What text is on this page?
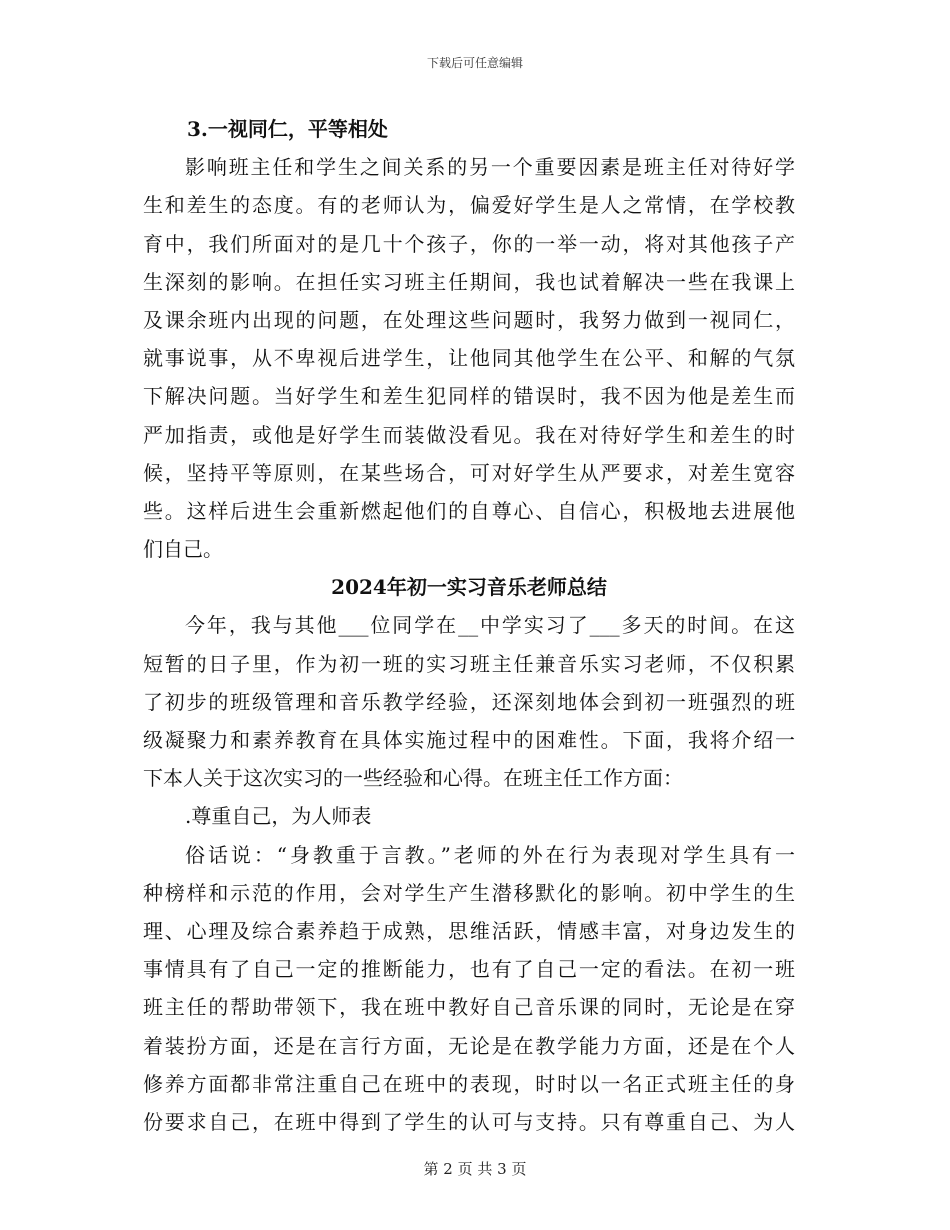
下载后可任意编辑
3.一视同仁，平等相处
影响班主任和学生之间关系的另一个重要因素是班主任对待好学
生和差生的态度。有的老师认为，偏爱好学生是人之常情，在学校教
育中，我们所面对的是几十个孩子，你的一举一动，将对其他孩子产
生深刻的影响。在担任实习班主任期间，我也试着解决一些在我课上
及课余班内出现的问题，在处理这些问题时，我努力做到一视同仁，
就事说事，从不卑视后进学生，让他同其他学生在公平、和解的气氛
下解决问题。当好学生和差生犯同样的错误时，我不因为他是差生而
严加指责，或他是好学生而装做没看见。我在对待好学生和差生的时
候，坚持平等原则，在某些场合，可对好学生从严要求，对差生宽容
些。这样后进生会重新燃起他们的自尊心、自信心，积极地去进展他
们自己。
2024年初一实习音乐老师总结
今年，我与其他___位同学在__中学实习了___多天的时间。在这
短暂的日子里，作为初一班的实习班主任兼音乐实习老师，不仅积累
了初步的班级管理和音乐教学经验，还深刻地体会到初一班强烈的班
级凝聚力和素养教育在具体实施过程中的困难性。下面，我将介绍一
下本人关于这次实习的一些经验和心得。在班主任工作方面：
.尊重自己，为人师表
俗话说：“身教重于言教。”老师的外在行为表现对学生具有一
种榜样和示范的作用，会对学生产生潜移默化的影响。初中学生的生
理、心理及综合素养趋于成熟，思维活跃，情感丰富，对身边发生的
事情具有了自己一定的推断能力，也有了自己一定的看法。在初一班
班主任的帮助带领下，我在班中教好自己音乐课的同时，无论是在穿
着装扮方面，还是在言行方面，无论是在教学能力方面，还是在个人
修养方面都非常注重自己在班中的表现，时时以一名正式班主任的身
份要求自己，在班中得到了学生的认可与支持。只有尊重自己、为人
第 2 页 共 3 页
